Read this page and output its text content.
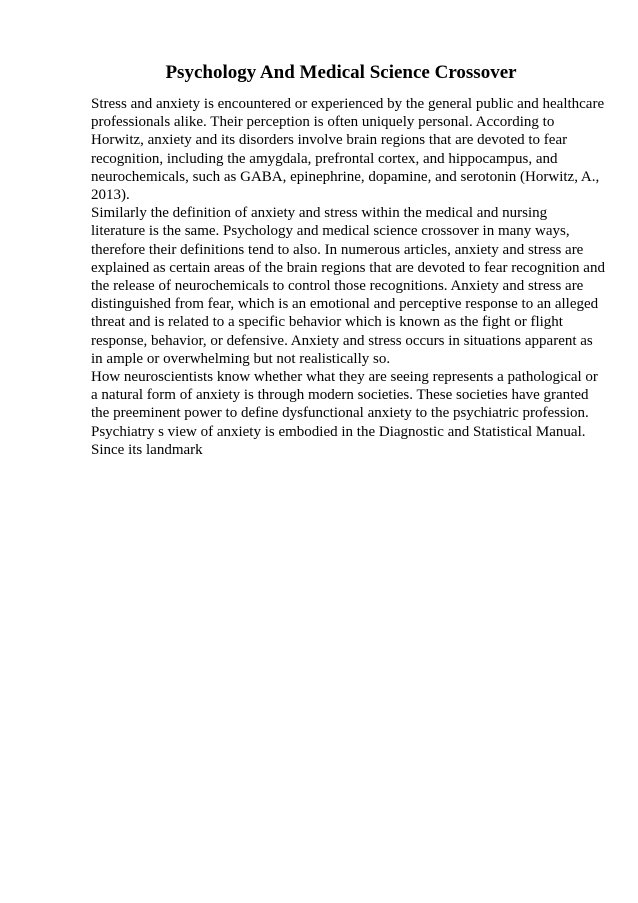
Psychology And Medical Science Crossover

Stress and anxiety is encountered or experienced by the general public and healthcare
professionals alike. Their perception is often uniquely personal. According to
Horwitz, anxiety and its disorders involve brain regions that are devoted to fear
recognition, including the amygdala, prefrontal cortex, and hippocampus, and
neurochemicals, such as GABA, epinephrine, dopamine, and serotonin (Horwitz, A.,
2013).

Similarly the definition of anxiety and stress within the medical and nursing
literature is the same. Psychology and medical science crossover in many ways,
therefore their definitions tend to also. In numerous articles, anxiety and stress are
explained as certain areas of the brain regions that are devoted to fear recognition and
the release of neurochemicals to control those recognitions. Anxiety and stress are
distinguished from fear, which is an emotional and perceptive response to an alleged
threat and is related to a specific behavior which is known as the fight or flight
response, behavior, or defensive. Anxiety and stress occurs in situations apparent as
in ample or overwhelming but not realistically so.

How neuroscientists know whether what they are seeing represents a pathological or
a natural form of anxiety is through modern societies. These societies have granted
the preeminent power to define dysfunctional anxiety to the psychiatric profession.
Psychiatry s view of anxiety is embodied in the Diagnostic and Statistical Manual.
Since its landmark
